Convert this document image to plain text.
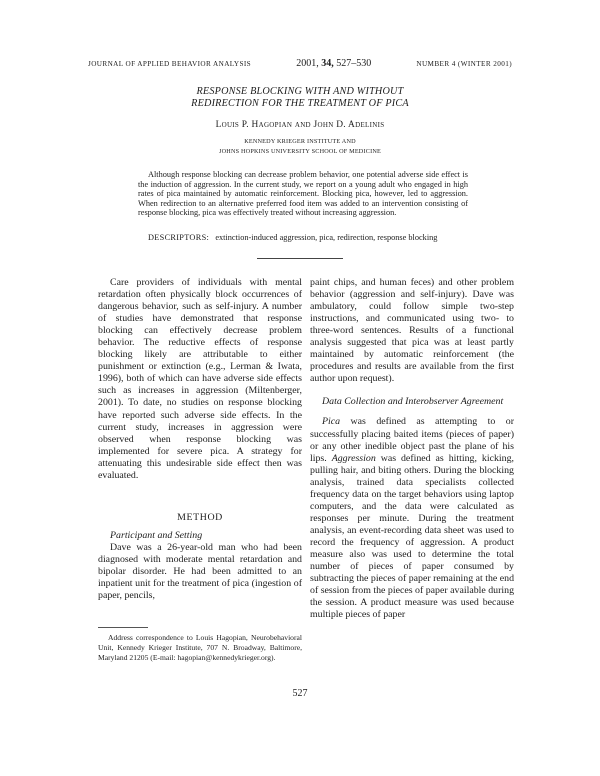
JOURNAL OF APPLIED BEHAVIOR ANALYSIS	2001, 34, 527–530	NUMBER 4 (WINTER 2001)
RESPONSE BLOCKING WITH AND WITHOUT
REDIRECTION FOR THE TREATMENT OF PICA
Louis P. Hagopian and John D. Adelinis
KENNEDY KRIEGER INSTITUTE AND
JOHNS HOPKINS UNIVERSITY SCHOOL OF MEDICINE

Although response blocking can decrease problem behavior, one potential adverse side effect is the induction of aggression. In the current study, we report on a young adult who engaged in high rates of pica maintained by automatic reinforcement. Blocking pica, however, led to aggression. When redirection to an alternative preferred food item was added to an intervention consisting of response blocking, pica was effectively treated without increasing aggression.

DESCRIPTORS: extinction-induced aggression, pica, redirection, response blocking

Care providers of individuals with mental retardation often physically block occurrences of dangerous behavior, such as self-injury. A number of studies have demonstrated that response blocking can effectively decrease problem behavior. The reductive effects of response blocking likely are attributable to either punishment or extinction (e.g., Lerman & Iwata, 1996), both of which can have adverse side effects such as increases in aggression (Miltenberger, 2001). To date, no studies on response blocking have reported such adverse side effects. In the current study, increases in aggression were observed when response blocking was implemented for severe pica. A strategy for attenuating this undesirable side effect then was evaluated.

METHOD

Participant and Setting

Dave was a 26-year-old man who had been diagnosed with moderate mental retardation and bipolar disorder. He had been admitted to an inpatient unit for the treatment of pica (ingestion of paper, pencils,

paint chips, and human feces) and other problem behavior (aggression and self-injury). Dave was ambulatory, could follow simple two-step instructions, and communicated using two- to three-word sentences. Results of a functional analysis suggested that pica was at least partly maintained by automatic reinforcement (the procedures and results are available from the first author upon request).

Data Collection and Interobserver Agreement

Pica was defined as attempting to or successfully placing baited items (pieces of paper) or any other inedible object past the plane of his lips. Aggression was defined as hitting, kicking, pulling hair, and biting others. During the blocking analysis, trained data specialists collected frequency data on the target behaviors using laptop computers, and the data were calculated as responses per minute. During the treatment analysis, an event-recording data sheet was used to record the frequency of aggression. A product measure also was used to determine the total number of pieces of paper consumed by subtracting the pieces of paper remaining at the end of session from the pieces of paper available during the session. A product measure was used because multiple pieces of paper

Address correspondence to Louis Hagopian, Neurobehavioral Unit, Kennedy Krieger Institute, 707 N. Broadway, Baltimore, Maryland 21205 (E-mail: hagopian@kennedykrieger.org).

527
